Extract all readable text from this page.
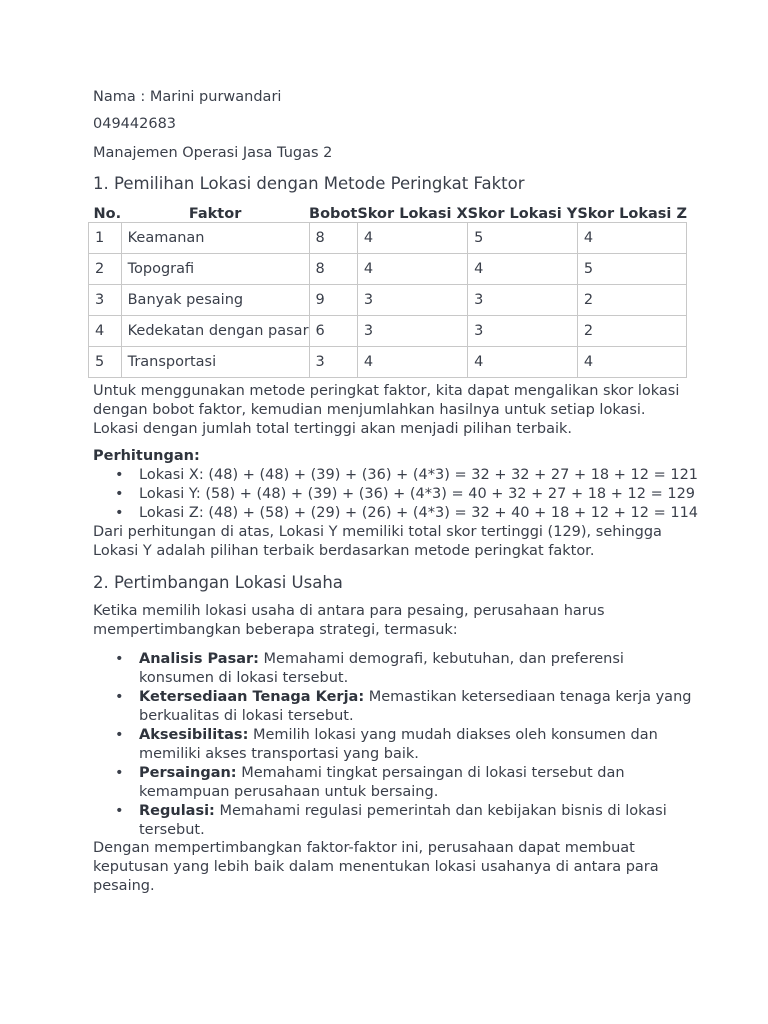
Nama : Marini purwandari

049442683

Manajemen Operasi Jasa Tugas 2

1. Pemilihan Lokasi dengan Metode Peringkat Faktor

No.	Faktor	Bobot	Skor Lokasi X	Skor Lokasi Y	Skor Lokasi Z
1	Keamanan	8	4	5	4
2	Topografi	8	4	4	5
3	Banyak pesaing	9	3	3	2
4	Kedekatan dengan pasar	6	3	3	2
5	Transportasi	3	4	4	4
Untuk menggunakan metode peringkat faktor, kita dapat mengalikan skor lokasi
dengan bobot faktor, kemudian menjumlahkan hasilnya untuk setiap lokasi.
Lokasi dengan jumlah total tertinggi akan menjadi pilihan terbaik.

Perhitungan:

• Lokasi X: (48) + (48) + (39) + (36) + (4*3) = 32 + 32 + 27 + 18 + 12 = 121
• Lokasi Y: (58) + (48) + (39) + (36) + (4*3) = 40 + 32 + 27 + 18 + 12 = 129
• Lokasi Z: (48) + (58) + (29) + (26) + (4*3) = 32 + 40 + 18 + 12 + 12 = 114
Dari perhitungan di atas, Lokasi Y memiliki total skor tertinggi (129), sehingga
Lokasi Y adalah pilihan terbaik berdasarkan metode peringkat faktor.

2. Pertimbangan Lokasi Usaha

Ketika memilih lokasi usaha di antara para pesaing, perusahaan harus
mempertimbangkan beberapa strategi, termasuk:
• Analisis Pasar: Memahami demografi, kebutuhan, dan preferensi
konsumen di lokasi tersebut.
• Ketersediaan Tenaga Kerja: Memastikan ketersediaan tenaga kerja yang
berkualitas di lokasi tersebut.
• Aksesibilitas: Memilih lokasi yang mudah diakses oleh konsumen dan
memiliki akses transportasi yang baik.
• Persaingan: Memahami tingkat persaingan di lokasi tersebut dan
kemampuan perusahaan untuk bersaing.
• Regulasi: Memahami regulasi pemerintah dan kebijakan bisnis di lokasi
tersebut.
Dengan mempertimbangkan faktor-faktor ini, perusahaan dapat membuat
keputusan yang lebih baik dalam menentukan lokasi usahanya di antara para
pesaing.
